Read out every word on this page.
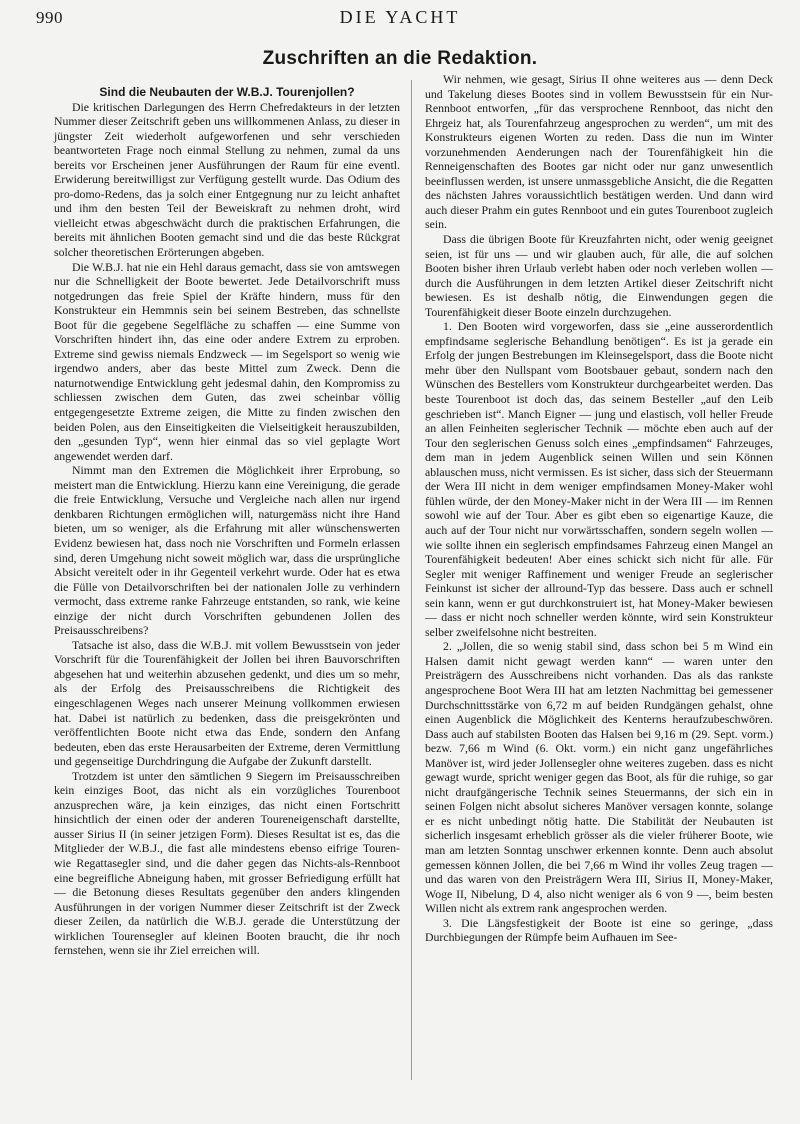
990	DIE YACHT
Zuschriften an die Redaktion.

Sind die Neubauten der W.B.J. Tourenjollen?

Die kritischen Darlegungen des Herrn Chefredakteurs in der letzten Nummer dieser Zeitschrift geben uns willkommenen Anlass, zu dieser in jüngster Zeit wiederholt aufgeworfenen und sehr verschieden beantworteten Frage noch einmal Stellung zu nehmen, zumal da uns bereits vor Erscheinen jener Ausführungen der Raum für eine eventl. Erwiderung bereitwilligst zur Verfügung gestellt wurde. Das Odium des pro-domo-Redens, das ja solch einer Entgegnung nur zu leicht anhaftet und ihm den besten Teil der Beweiskraft zu nehmen droht, wird vielleicht etwas abgeschwächt durch die praktischen Erfahrungen, die bereits mit ähnlichen Booten gemacht sind und die das beste Rückgrat solcher theoretischen Erörterungen abgeben.

Die W.B.J. hat nie ein Hehl daraus gemacht, dass sie von amtswegen nur die Schnelligkeit der Boote bewertet. Jede Detailvorschrift muss notgedrungen das freie Spiel der Kräfte hindern, muss für den Konstrukteur ein Hemmnis sein bei seinem Bestreben, das schnellste Boot für die gegebene Segelfläche zu schaffen — eine Summe von Vorschriften hindert ihn, das eine oder andere Extrem zu erproben. Extreme sind gewiss niemals Endzweck — im Segelsport so wenig wie irgendwo anders, aber das beste Mittel zum Zweck. Denn die naturnotwendige Entwicklung geht jedesmal dahin, den Kompromiss zu schliessen zwischen dem Guten, das zwei scheinbar völlig entgegengesetzte Extreme zeigen, die Mitte zu finden zwischen den beiden Polen, aus den Einseitigkeiten die Vielseitigkeit herauszubilden, den „gesunden Typ“, wenn hier einmal das so viel geplagte Wort angewendet werden darf.

Nimmt man den Extremen die Möglichkeit ihrer Erprobung, so meistert man die Entwicklung. Hierzu kann eine Vereinigung, die gerade die freie Entwicklung, Versuche und Vergleiche nach allen nur irgend denkbaren Richtungen ermöglichen will, naturgemäss nicht ihre Hand bieten, um so weniger, als die Erfahrung mit aller wünschenswerten Evidenz bewiesen hat, dass noch nie Vorschriften und Formeln erlassen sind, deren Umgehung nicht soweit möglich war, dass die ursprüngliche Absicht vereitelt oder in ihr Gegenteil verkehrt wurde. Oder hat es etwa die Fülle von Detailvorschriften bei der nationalen Jolle zu verhindern vermocht, dass extreme ranke Fahrzeuge entstanden, so rank, wie keine einzige der nicht durch Vorschriften gebundenen Jollen des Preisausschreibens?

Tatsache ist also, dass die W.B.J. mit vollem Bewusstsein von jeder Vorschrift für die Tourenfähigkeit der Jollen bei ihren Bauvorschriften abgesehen hat und weiterhin abzusehen gedenkt, und dies um so mehr, als der Erfolg des Preisausschreibens die Richtigkeit des eingeschlagenen Weges nach unserer Meinung vollkommen erwiesen hat. Dabei ist natürlich zu bedenken, dass die preisgekrönten und veröffentlichten Boote nicht etwa das Ende, sondern den Anfang bedeuten, eben das erste Herausarbeiten der Extreme, deren Vermittlung und gegenseitige Durchdringung die Aufgabe der Zukunft darstellt.

Trotzdem ist unter den sämtlichen 9 Siegern im Preisausschreiben kein einziges Boot, das nicht als ein vorzügliches Tourenboot anzusprechen wäre, ja kein einziges, das nicht einen Fortschritt hinsichtlich der einen oder der anderen Toureneigenschaft darstellte, ausser Sirius II (in seiner jetzigen Form). Dieses Resultat ist es, das die Mitglieder der W.B.J., die fast alle mindestens ebenso eifrige Touren- wie Regattasegler sind, und die daher gegen das Nichts-als-Rennboot eine begreifliche Abneigung haben, mit grosser Befriedigung erfüllt hat — die Betonung dieses Resultats gegenüber den anders klingenden Ausführungen in der vorigen Nummer dieser Zeitschrift ist der Zweck dieser Zeilen, da natürlich die W.B.J. gerade die Unterstützung der wirklichen Tourensegler auf kleinen Booten braucht, die ihr noch fernstehen, wenn sie ihr Ziel erreichen will.

Wir nehmen, wie gesagt, Sirius II ohne weiteres aus — denn Deck und Takelung dieses Bootes sind in vollem Bewusstsein für ein Nur-Rennboot entworfen, „für das versprochene Rennboot, das nicht den Ehrgeiz hat, als Tourenfahrzeug angesprochen zu werden“, um mit des Konstrukteurs eigenen Worten zu reden. Dass die nun im Winter vorzunehmenden Aenderungen nach der Tourenfähigkeit hin die Renneigenschaften des Bootes gar nicht oder nur ganz unwesentlich beeinflussen werden, ist unsere unmassgebliche Ansicht, die die Regatten des nächsten Jahres voraussichtlich bestätigen werden. Und dann wird auch dieser Prahm ein gutes Rennboot und ein gutes Tourenboot zugleich sein.

Dass die übrigen Boote für Kreuzfahrten nicht, oder wenig geeignet seien, ist für uns — und wir glauben auch, für alle, die auf solchen Booten bisher ihren Urlaub verlebt haben oder noch verleben wollen — durch die Ausführungen in dem letzten Artikel dieser Zeitschrift nicht bewiesen. Es ist deshalb nötig, die Einwendungen gegen die Tourenfähigkeit dieser Boote einzeln durchzugehen.

1. Den Booten wird vorgeworfen, dass sie „eine ausserordentlich empfindsame seglerische Behandlung benötigen“. Es ist ja gerade ein Erfolg der jungen Bestrebungen im Kleinsegelsport, dass die Boote nicht mehr über den Nullspant vom Bootsbauer gebaut, sondern nach den Wünschen des Bestellers vom Konstrukteur durchgearbeitet werden. Das beste Tourenboot ist doch das, das seinem Besteller „auf den Leib geschrieben ist“. Manch Eigner — jung und elastisch, voll heller Freude an allen Feinheiten seglerischer Technik — möchte eben auch auf der Tour den seglerischen Genuss solch eines „empfindsamen“ Fahrzeuges, dem man in jedem Augenblick seinen Willen und sein Können ablauschen muss, nicht vermissen. Es ist sicher, dass sich der Steuermann der Wera III nicht in dem weniger empfindsamen Money-Maker wohl fühlen würde, der den Money-Maker nicht in der Wera III — im Rennen sowohl wie auf der Tour. Aber es gibt eben so eigenartige Kauze, die auch auf der Tour nicht nur vorwärtsschaffen, sondern segeln wollen — wie sollte ihnen ein seglerisch empfindsames Fahrzeug einen Mangel an Tourenfähigkeit bedeuten! Aber eines schickt sich nicht für alle. Für Segler mit weniger Raffinement und weniger Freude an seglerischer Feinkunst ist sicher der allround-Typ das bessere. Dass auch er schnell sein kann, wenn er gut durchkonstruiert ist, hat Money-Maker bewiesen — dass er nicht noch schneller werden könnte, wird sein Konstrukteur selber zweifelsohne nicht bestreiten.

2. „Jollen, die so wenig stabil sind, dass schon bei 5 m Wind ein Halsen damit nicht gewagt werden kann“ — waren unter den Preisträgern des Ausschreibens nicht vorhanden. Das als das rankste angesprochene Boot Wera III hat am letzten Nachmittag bei gemessener Durchschnittsstärke von 6,72 m auf beiden Rundgängen gehalst, ohne einen Augenblick die Möglichkeit des Kenterns heraufzubeschwören. Dass auch auf stabilsten Booten das Halsen bei 9,16 m (29. Sept. vorm.) bezw. 7,66 m Wind (6. Okt. vorm.) ein nicht ganz ungefährliches Manöver ist, wird jeder Jollensegler ohne weiteres zugeben. dass es nicht gewagt wurde, spricht weniger gegen das Boot, als für die ruhige, so gar nicht draufgängerische Technik seines Steuermanns, der sich ein in seinen Folgen nicht absolut sicheres Manöver versagen konnte, solange er es nicht unbedingt nötig hatte. Die Stabilität der Neubauten ist sicherlich insgesamt erheblich grösser als die vieler früherer Boote, wie man am letzten Sonntag unschwer erkennen konnte. Denn auch absolut gemessen können Jollen, die bei 7,66 m Wind ihr volles Zeug tragen — und das waren von den Preisträgern Wera III, Sirius II, Money-Maker, Woge II, Nibelung, D 4, also nicht weniger als 6 von 9 —, beim besten Willen nicht als extrem rank angesprochen werden.

3. Die Längsfestigkeit der Boote ist eine so geringe, „dass Durchbiegungen der Rümpfe beim Aufhauen im See-
